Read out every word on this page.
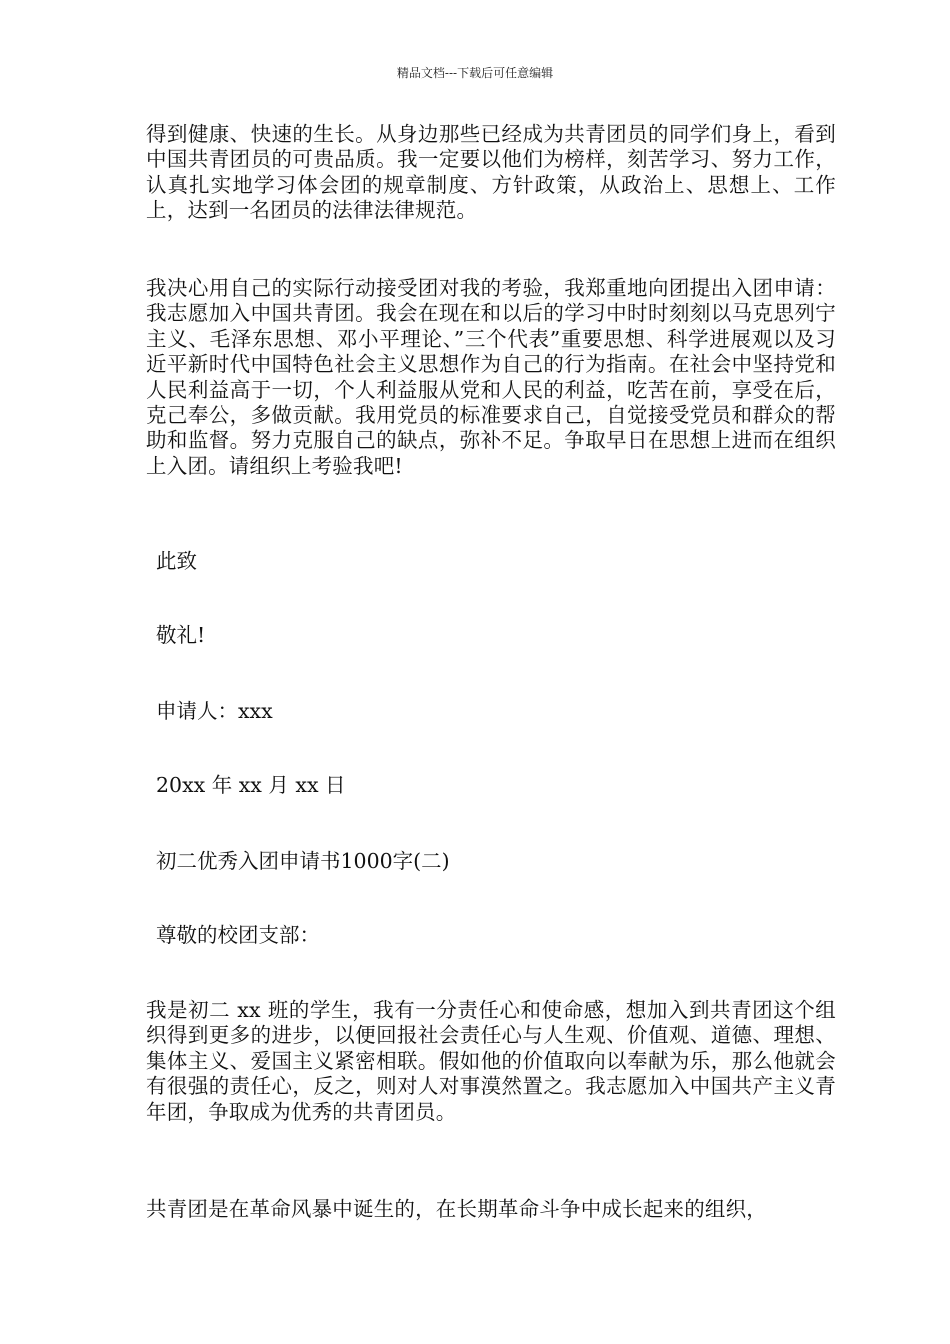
精品文档---下载后可任意编辑

得到健康、快速的生长。从身边那些已经成为共青团员的同学们身上，看到中国共青团员的可贵品质。我一定要以他们为榜样，刻苦学习、努力工作，认真扎实地学习体会团的规章制度、方针政策，从政治上、思想上、工作上，达到一名团员的法律法律规范。

我决心用自己的实际行动接受团对我的考验，我郑重地向团提出入团申请：我志愿加入中国共青团。我会在现在和以后的学习中时时刻刻以马克思列宁主义、毛泽东思想、邓小平理论、”三个代表”重要思想、科学进展观以及习近平新时代中国特色社会主义思想作为自己的行为指南。在社会中坚持党和人民利益高于一切，个人利益服从党和人民的利益，吃苦在前，享受在后，克己奉公，多做贡献。我用党员的标准要求自己，自觉接受党员和群众的帮助和监督。努力克服自己的缺点，弥补不足。争取早日在思想上进而在组织上入团。请组织上考验我吧!

此致

敬礼!

申请人：xxx

20xx 年 xx 月 xx 日

初二优秀入团申请书1000字(二)

尊敬的校团支部：

我是初二 xx 班的学生，我有一分责任心和使命感，想加入到共青团这个组织得到更多的进步，以便回报社会责任心与人生观、价值观、道德、理想、集体主义、爱国主义紧密相联。假如他的价值取向以奉献为乐，那么他就会有很强的责任心，反之，则对人对事漠然置之。我志愿加入中国共产主义青年团，争取成为优秀的共青团员。

共青团是在革命风暴中诞生的，在长期革命斗争中成长起来的组织，
